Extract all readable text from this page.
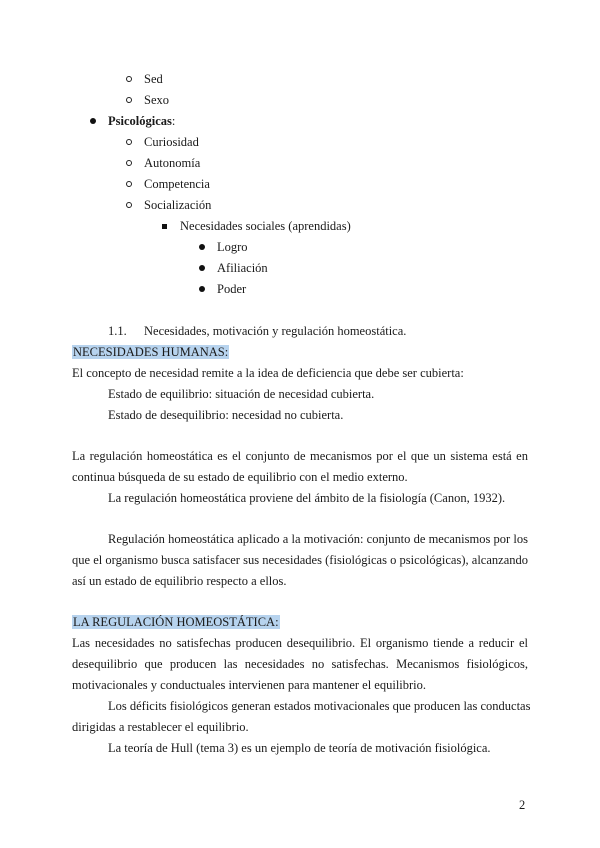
Sed
Sexo
Psicológicas:
Curiosidad
Autonomía
Competencia
Socialización
Necesidades sociales (aprendidas)
Logro
Afiliación
Poder
1.1. Necesidades, motivación y regulación homeostática.
NECESIDADES HUMANAS:
El concepto de necesidad remite a la idea de deficiencia que debe ser cubierta:
Estado de equilibrio: situación de necesidad cubierta.
Estado de desequilibrio: necesidad no cubierta.
La regulación homeostática es el conjunto de mecanismos por el que un sistema está en
continua búsqueda de su estado de equilibrio con el medio externo.
La regulación homeostática proviene del ámbito de la fisiología (Canon, 1932).
Regulación homeostática aplicado a la motivación: conjunto de mecanismos por los
que el organismo busca satisfacer sus necesidades (fisiológicas o psicológicas), alcanzando
así un estado de equilibrio respecto a ellos.
LA REGULACIÓN HOMEOSTÁTICA:
Las necesidades no satisfechas producen desequilibrio. El organismo tiende a reducir el
desequilibrio que producen las necesidades no satisfechas. Mecanismos fisiológicos,
motivacionales y conductuales intervienen para mantener el equilibrio.
Los déficits fisiológicos generan estados motivacionales que producen las conductas
dirigidas a restablecer el equilibrio.
La teoría de Hull (tema 3) es un ejemplo de teoría de motivación fisiológica.
2
